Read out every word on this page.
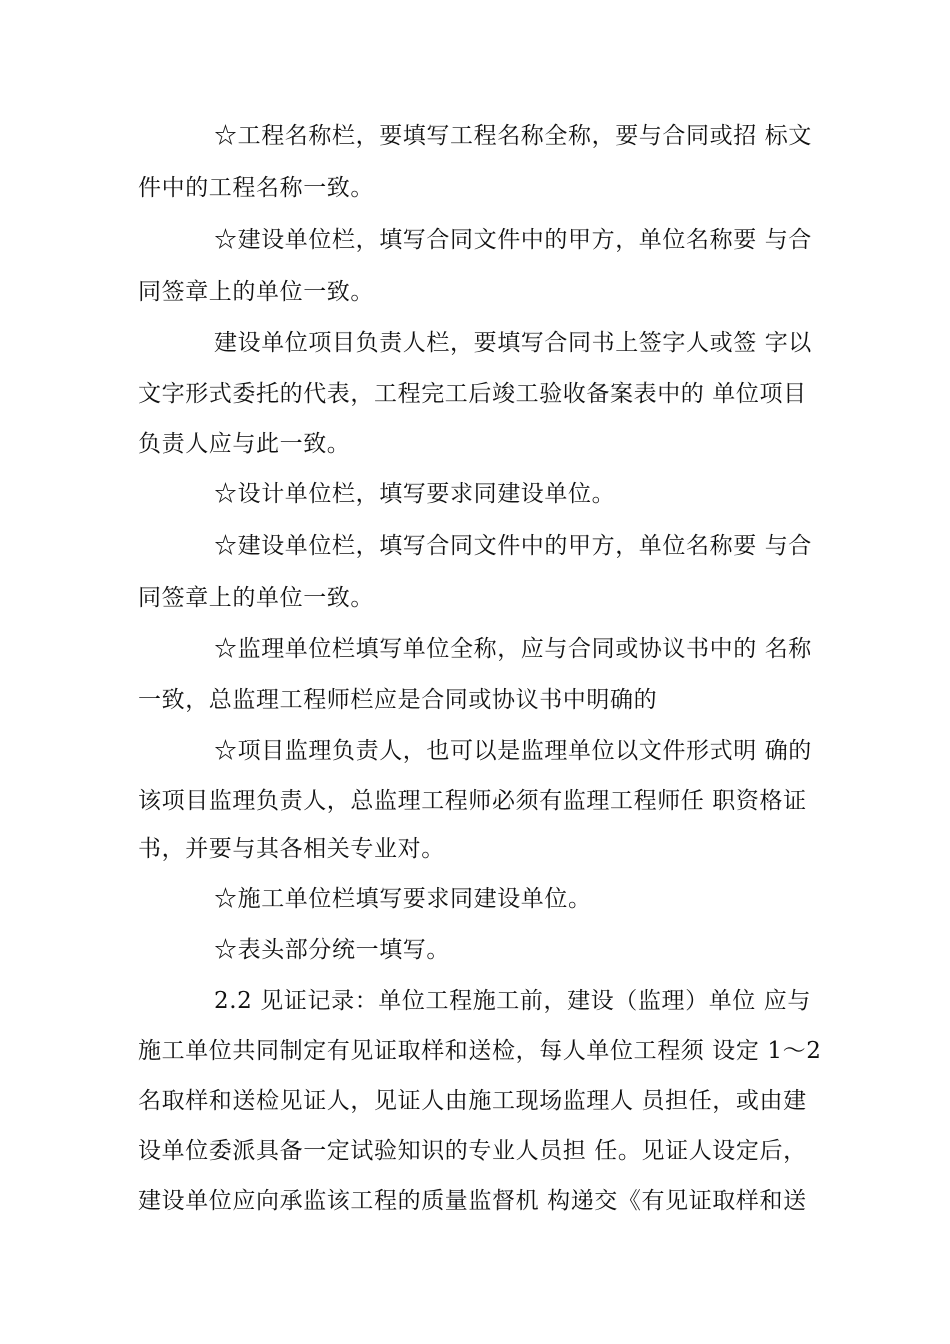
☆工程名称栏，要填写工程名称全称，要与合同或招 标文
件中的工程名称一致。
☆建设单位栏，填写合同文件中的甲方，单位名称要 与合
同签章上的单位一致。
建设单位项目负责人栏，要填写合同书上签字人或签 字以
文字形式委托的代表，工程完工后竣工验收备案表中的 单位项目
负责人应与此一致。
☆设计单位栏，填写要求同建设单位。
☆建设单位栏，填写合同文件中的甲方，单位名称要 与合
同签章上的单位一致。
☆监理单位栏填写单位全称，应与合同或协议书中的 名称
一致，总监理工程师栏应是合同或协议书中明确的
☆项目监理负责人，也可以是监理单位以文件形式明 确的
该项目监理负责人，总监理工程师必须有监理工程师任 职资格证
书，并要与其各相关专业对。
☆施工单位栏填写要求同建设单位。
☆表头部分统一填写。
2.2 见证记录：单位工程施工前，建设（监理）单位 应与
施工单位共同制定有见证取样和送检，每人单位工程须 设定 1〜2
名取样和送检见证人，见证人由施工现场监理人 员担任，或由建
设单位委派具备一定试验知识的专业人员担 任。见证人设定后，
建设单位应向承监该工程的质量监督机 构递交《有见证取样和送
